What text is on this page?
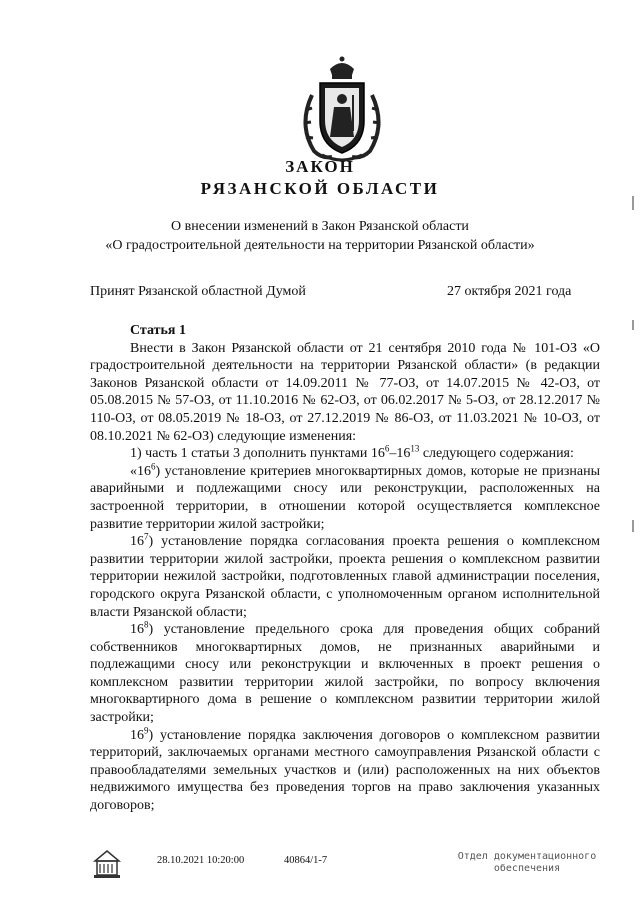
ЗАКОН
РЯЗАНСКОЙ ОБЛАСТИ
О внесении изменений в Закон Рязанской области
«О градостроительной деятельности на территории Рязанской области»
Принят Рязанской областной Думой	27 октября 2021 года

Статья 1

Внести в Закон Рязанской области от 21 сентября 2010 года № 101-ОЗ «О градостроительной деятельности на территории Рязанской области» (в редакции Законов Рязанской области от 14.09.2011 № 77-ОЗ, от 14.07.2015 № 42-ОЗ, от 05.08.2015 № 57-ОЗ, от 11.10.2016 № 62-ОЗ, от 06.02.2017 № 5-ОЗ, от 28.12.2017 № 110-ОЗ, от 08.05.2019 № 18-ОЗ, от 27.12.2019 № 86-ОЗ, от 11.03.2021 № 10-ОЗ, от 08.10.2021 № 62-ОЗ) следующие изменения:

1) часть 1 статьи 3 дополнить пунктами $16^6-16^{13}$ следующего содержания:

«$16^6$) установление критериев многоквартирных домов, которые не признаны аварийными и подлежащими сносу или реконструкции, расположенных на застроенной территории, в отношении которой осуществляется комплексное развитие территории жилой застройки;

$16^7$) установление порядка согласования проекта решения о комплексном развитии территории жилой застройки, проекта решения о комплексном развитии территории нежилой застройки, подготовленных главой администрации поселения, городского округа Рязанской области, с уполномоченным органом исполнительной власти Рязанской области;

$16^8$) установление предельного срока для проведения общих собраний собственников многоквартирных домов, не признанных аварийными и подлежащими сносу или реконструкции и включенных в проект решения о комплексном развитии территории жилой застройки, по вопросу включения многоквартирного дома в решение о комплексном развитии территории жилой застройки;

$16^9$) установление порядка заключения договоров о комплексном развитии территорий, заключаемых органами местного самоуправления Рязанской области с правообладателями земельных участков и (или) расположенных на них объектов недвижимого имущества без проведения торгов на право заключения указанных договоров;

28.10.2021 10:20:00	40864/1-7	Отдел документационного
обеспечения
